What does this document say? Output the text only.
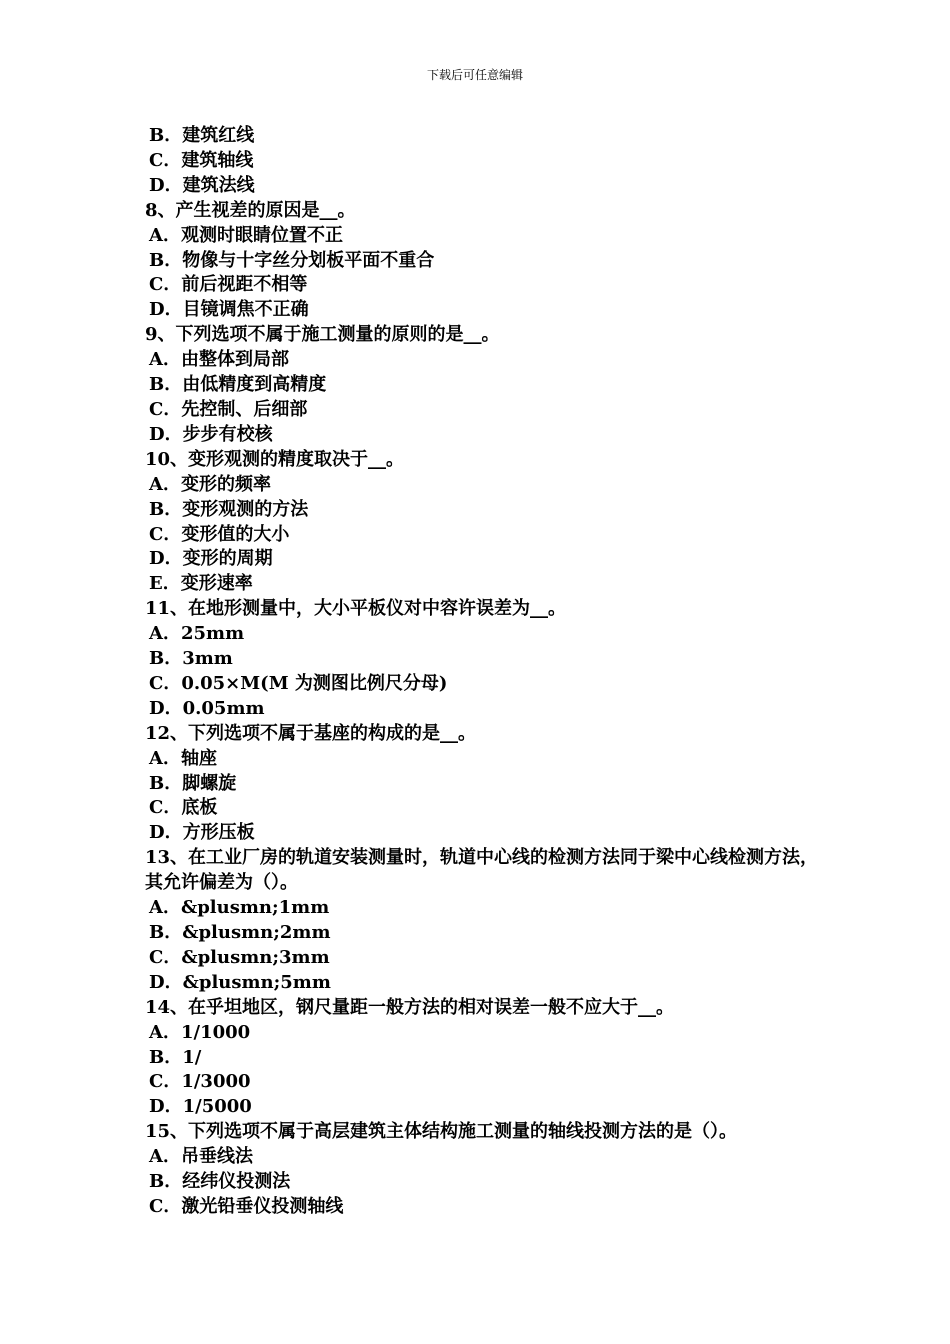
下载后可任意编辑
B．建筑红线
C．建筑轴线
D．建筑法线
8、产生视差的原因是__。
A．观测时眼睛位置不正
B．物像与十字丝分划板平面不重合
C．前后视距不相等
D．目镜调焦不正确
9、下列选项不属于施工测量的原则的是__。
A．由整体到局部
B．由低精度到高精度
C．先控制、后细部
D．步步有校核
10、变形观测的精度取决于__。
A．变形的频率
B．变形观测的方法
C．变形值的大小
D．变形的周期
E．变形速率
11、在地形测量中，大小平板仪对中容许误差为__。
A．25mm
B．3mm
C．0.05×M(M 为测图比例尺分母)
D．0.05mm
12、下列选项不属于基座的构成的是__。
A．轴座
B．脚螺旋
C．底板
D．方形压板
13、在工业厂房的轨道安装测量时，轨道中心线的检测方法同于梁中心线检测方法，其允许偏差为（）。
A．&plusmn;1mm
B．&plusmn;2mm
C．&plusmn;3mm
D．&plusmn;5mm
14、在乎坦地区，钢尺量距一般方法的相对误差一般不应大于__。
A．1/1000
B．1/
C．1/3000
D．1/5000
15、下列选项不属于高层建筑主体结构施工测量的轴线投测方法的是（）。
A．吊垂线法
B．经纬仪投测法
C．激光铅垂仪投测轴线
